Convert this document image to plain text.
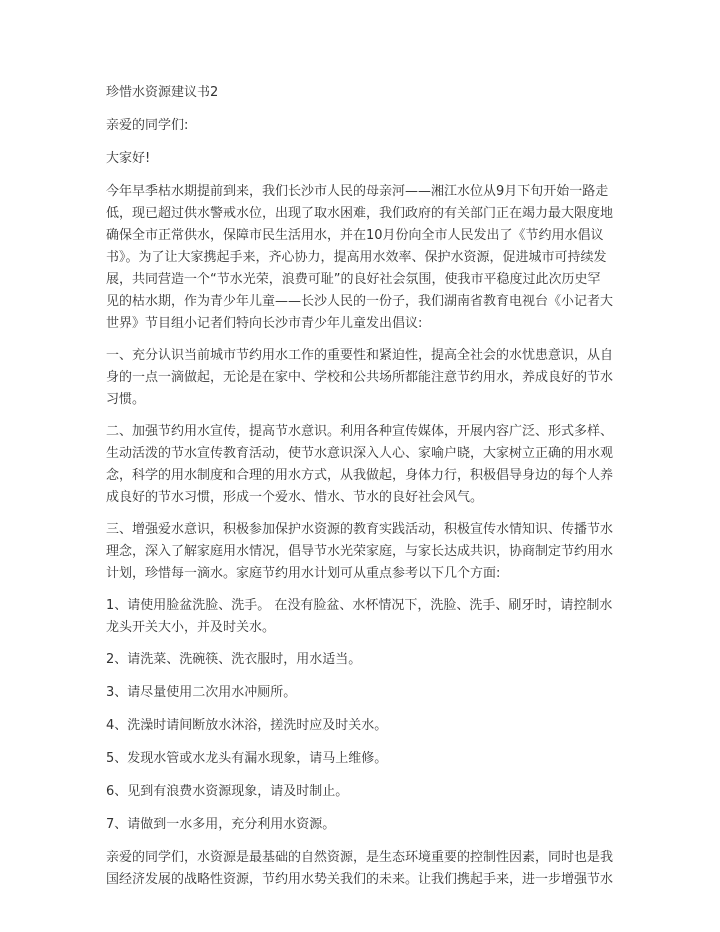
珍惜水资源建议书2
亲爱的同学们:
大家好!
今年早季枯水期提前到来，我们长沙市人民的母亲河——湘江水位从9月下旬开始一路走
低，现已超过供水警戒水位，出现了取水困难，我们政府的有关部门正在竭力最大限度地
确保全市正常供水，保障市民生活用水，并在10月份向全市人民发出了《节约用水倡议
书》。为了让大家携起手来，齐心协力，提高用水效率、保护水资源，促进城市可持续发
展，共同营造一个“节水光荣，浪费可耻”的良好社会氛围，使我市平稳度过此次历史罕
见的枯水期，作为青少年儿童——长沙人民的一份子，我们湖南省教育电视台《小记者大
世界》节目组小记者们特向长沙市青少年儿童发出倡议:
一、充分认识当前城市节约用水工作的重要性和紧迫性，提高全社会的水忧患意识，从自
身的一点一滴做起，无论是在家中、学校和公共场所都能注意节约用水，养成良好的节水
习惯。
二、加强节约用水宣传，提高节水意识。利用各种宣传媒体，开展内容广泛、形式多样、
生动活泼的节水宣传教育活动，使节水意识深入人心、家喻户晓，大家树立正确的用水观
念，科学的用水制度和合理的用水方式，从我做起，身体力行，积极倡导身边的每个人养
成良好的节水习惯，形成一个爱水、惜水、节水的良好社会风气。
三、增强爱水意识，积极参加保护水资源的教育实践活动，积极宣传水情知识、传播节水
理念，深入了解家庭用水情况，倡导节水光荣家庭，与家长达成共识，协商制定节约用水
计划，珍惜每一滴水。家庭节约用水计划可从重点参考以下几个方面:
1、请使用脸盆洗脸、洗手。 在没有脸盆、水杯情况下，洗脸、洗手、刷牙时，请控制水
龙头开关大小，并及时关水。
2、请洗菜、洗碗筷、洗衣服时，用水适当。
3、请尽量使用二次用水冲厕所。
4、洗澡时请间断放水沐浴，搓洗时应及时关水。
5、发现水管或水龙头有漏水现象，请马上维修。
6、见到有浪费水资源现象，请及时制止。
7、请做到一水多用，充分利用水资源。
亲爱的同学们，水资源是最基础的自然资源，是生态环境重要的控制性因素，同时也是我
国经济发展的战略性资源，节约用水势关我们的未来。让我们携起手来，进一步增强节水
